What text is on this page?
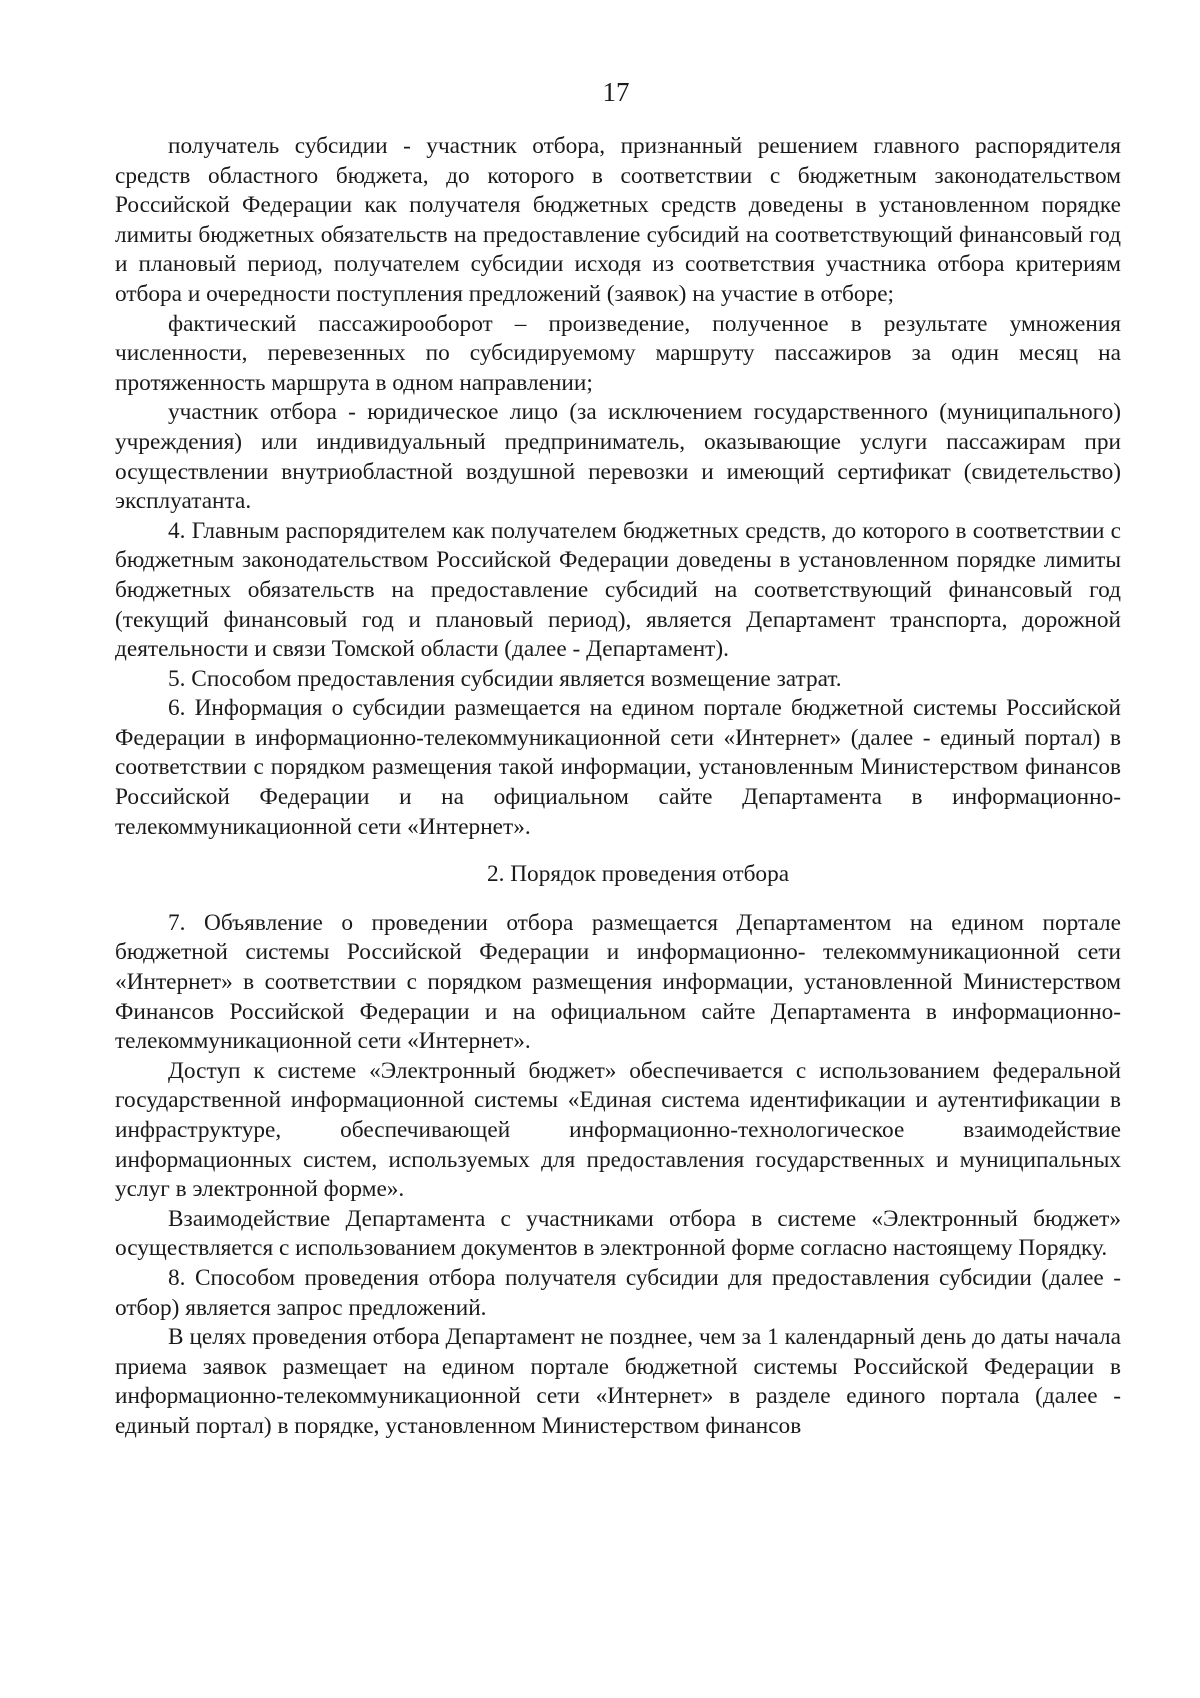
17

получатель субсидии - участник отбора, признанный решением главного распорядителя средств областного бюджета, до которого в соответствии с бюджетным законодательством Российской Федерации как получателя бюджетных средств доведены в установленном порядке лимиты бюджетных обязательств на предоставление субсидий на соответствующий финансовый год и плановый период, получателем субсидии исходя из соответствия участника отбора критериям отбора и очередности поступления предложений (заявок) на участие в отборе;

фактический пассажирооборот – произведение, полученное в результате умножения численности, перевезенных по субсидируемому маршруту пассажиров за один месяц на протяженность маршрута в одном направлении;

участник отбора - юридическое лицо (за исключением государственного (муниципального) учреждения) или индивидуальный предприниматель, оказывающие услуги пассажирам при осуществлении внутриобластной воздушной перевозки и имеющий сертификат (свидетельство) эксплуатанта.

4. Главным распорядителем как получателем бюджетных средств, до которого в соответствии с бюджетным законодательством Российской Федерации доведены в установленном порядке лимиты бюджетных обязательств на предоставление субсидий на соответствующий финансовый год (текущий финансовый год и плановый период), является Департамент транспорта, дорожной деятельности и связи Томской области (далее - Департамент).

5. Способом предоставления субсидии является возмещение затрат.

6. Информация о субсидии размещается на едином портале бюджетной системы Российской Федерации в информационно-телекоммуникационной сети «Интернет» (далее - единый портал) в соответствии с порядком размещения такой информации, установленным Министерством финансов Российской Федерации и на официальном сайте Департамента в информационно-телекоммуникационной сети «Интернет».

2. Порядок проведения отбора

7. Объявление о проведении отбора размещается Департаментом на едином портале бюджетной системы Российской Федерации и информационно- телекоммуникационной сети «Интернет» в соответствии с порядком размещения информации, установленной Министерством Финансов Российской Федерации и на официальном сайте Департамента в информационно-телекоммуникационной сети «Интернет».

Доступ к системе «Электронный бюджет» обеспечивается с использованием федеральной государственной информационной системы «Единая система идентификации и аутентификации в инфраструктуре, обеспечивающей информационно-технологическое взаимодействие информационных систем, используемых для предоставления государственных и муниципальных услуг в электронной форме».

Взаимодействие Департамента с участниками отбора в системе «Электронный бюджет» осуществляется с использованием документов в электронной форме согласно настоящему Порядку.

8. Способом проведения отбора получателя субсидии для предоставления субсидии (далее - отбор) является запрос предложений.

В целях проведения отбора Департамент не позднее, чем за 1 календарный день до даты начала приема заявок размещает на едином портале бюджетной системы Российской Федерации в информационно-телекоммуникационной сети «Интернет» в разделе единого портала (далее - единый портал) в порядке, установленном Министерством финансов
